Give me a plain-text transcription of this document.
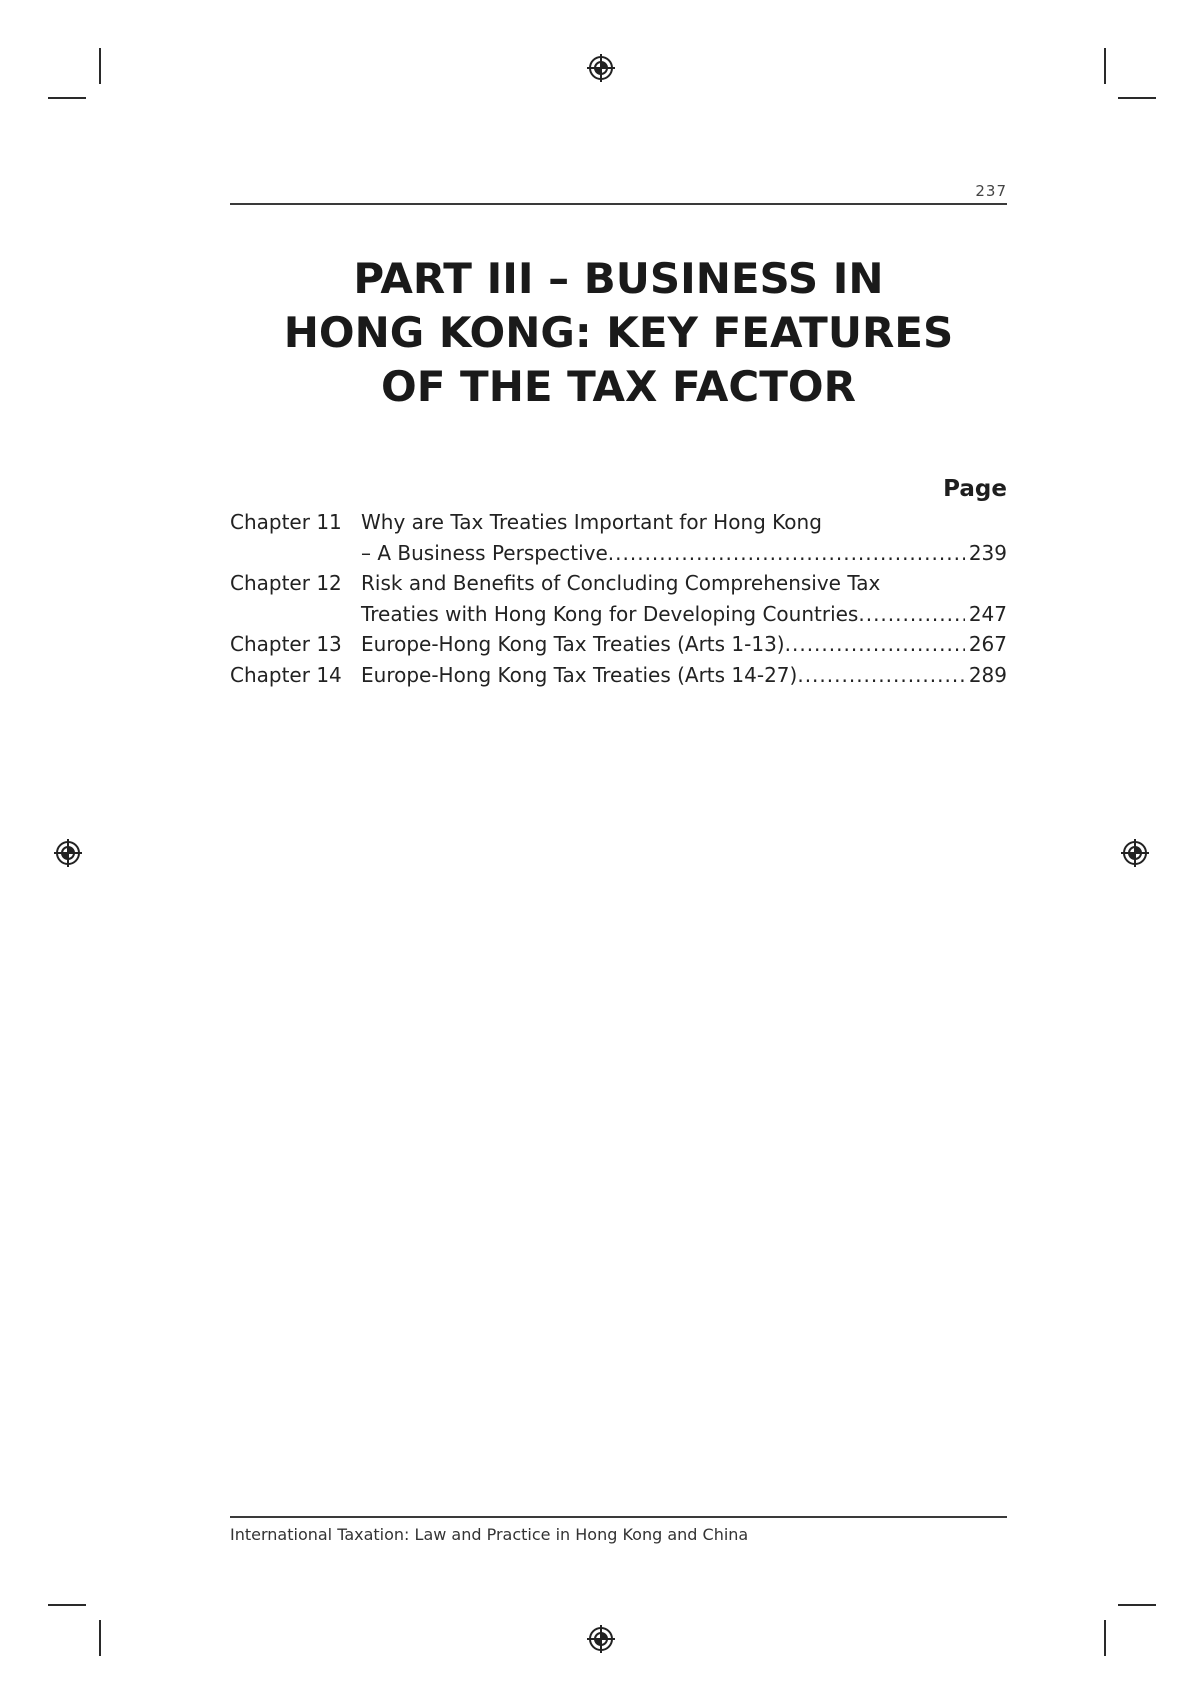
237
PART III – BUSINESS IN
HONG KONG: KEY FEATURES
OF THE TAX FACTOR
Page
Chapter 11 Why are Tax Treaties Important for Hong Kong
– A Business Perspective .....	239
Chapter 12 Risk and Benefits of Concluding Comprehensive Tax
Treaties with Hong Kong for Developing Countries .....	247
Chapter 13 Europe-Hong Kong Tax Treaties (Arts 1-13) .....	267
Chapter 14 Europe-Hong Kong Tax Treaties (Arts 14-27) .....	289
International Taxation: Law and Practice in Hong Kong and China
